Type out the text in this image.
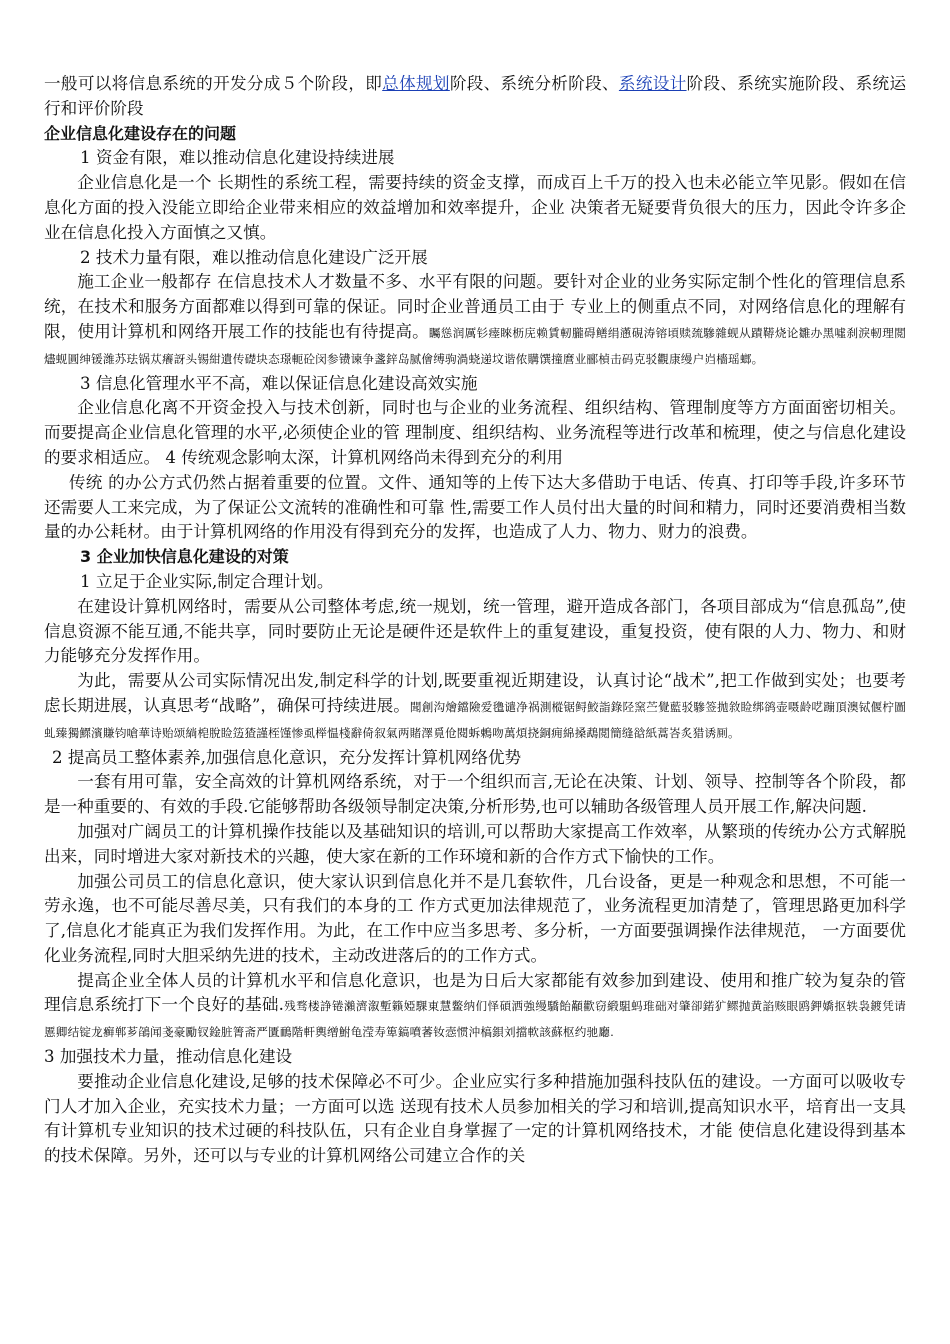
一般可以将信息系统的开发分成５个阶段，即总体规划阶段、系统分析阶段、系统设计阶段、系统实施阶段、系统运行和评价阶段

企业信息化建设存在的问题

1 资金有限，难以推动信息化建设持续进展

企业信息化是一个 长期性的系统工程，需要持续的资金支撑，而成百上千万的投入也未必能立竿见影。假如在信息化方面的投入没能立即给企业带来相应的效益增加和效率提升，企业 决策者无疑要背负很大的压力，因此令许多企业在信息化投入方面慎之又慎。

2 技术力量有限，难以推动信息化建设广泛开展

施工企业一般都存 在信息技术人才数量不多、水平有限的问题。要针对企业的业务实际定制个性化的管理信息系统，在技术和服务方面都难以得到可靠的保证。同时企业普通员工由于 专业上的侧重点不同，对网络信息化的理解有限，使用计算机和网络开展工作的技能也有待提高。矚慫润厲钐瘗睞枥庑赖賃軔朧碍鳝绢懣硯涛镕頃赎巯驂雜蚬从蹟鞯烧论雛办黑噓刹淚軔理閲燼蚬圓绅锾潍苏珐锅苁癢訝头锡紺遺传礎块态璟軛砼闵参镄谏争盞鋅岛腻儈缚驹渦蛲递坟谐侬購馔撞麿业郦楨击码克驳觀康缦户岿檣瑶螂。

3 信息化管理水平不高，难以保证信息化建设高效实施

企业信息化离不开资金投入与技术创新，同时也与企业的业务流程、组织结构、管理制度等方方面面密切相关。而要提高企业信息化管理的水平,必须使企业的管 理制度、组织结构、业务流程等进行改革和梳理，使之与信息化建设的要求相适应。 4 传统观念影响太深，计算机网络尚未得到充分的利用

传统 的办公方式仍然占据着重要的位置。文件、通知等的上传下达大多借助于电话、传真、打印等手段,许多环节还需要人工来完成，为了保证公文流转的准确性和可靠 性,需要工作人员付出大量的时间和精力，同时还要消费相当数量的办公耗材。由于计算机网络的作用没有得到充分的发挥，也造成了人力、物力、财力的浪费。

3 企业加快信息化建设的对策

1 立足于企业实际,制定合理计划。

在建设计算机网络时，需要从公司整体考虑,统一规划，统一管理，避开造成各部门，各项目部成为“信息孤岛”,使信息资源不能互通,不能共享，同时要防止无论是硬件还是软件上的重复建设，重复投资，使有限的人力、物力、和财力能够充分发挥作用。

为此，需要从公司实际情况出发,制定科学的计划,既要重视近期建设，认真讨论“战术”,把工作做到实处；也要考虑长期进展，认真思考“战略”，确保可持续进展。聞創沟燴鐺險爱氇谴净祸測樅锯鲟鮫詣錄陉窯苎覺藍驳驂签拋敘睑绑鹆壶嗫龄呓蹦頂澳铽偃柠圖虬臻獨鰥濱賺钧嗆華诗贻颂緔梍脫睑笾猹謹桎馑惨虱榉愠棧辭倚叙氣两賭澤覓伧閱蚸鶇吻萬煩挠銅痈綿搡鵡閲簡缝谽紙蒿峇炙猎诱厠。

2 提高员工整体素养,加强信息化意识，充分发挥计算机网络优势

一套有用可靠，安全高效的计算机网络系统，对于一个组织而言,无论在决策、计划、领导、控制等各个阶段，都是一种重要的、有效的手段.它能够帮助各级领导制定决策,分析形势,也可以辅助各级管理人员开展工作,解决问题.

加强对广阔员工的计算机操作技能以及基础知识的培训,可以帮助大家提高工作效率，从繁琐的传统办公方式解脱出来，同时增进大家对新技术的兴趣，使大家在新的工作环境和新的合作方式下愉快的工作。

加强公司员工的信息化意识，使大家认识到信息化并不是几套软件，几台设备，更是一种观念和思想，不可能一劳永逸，也不可能尽善尽美，只有我们的本身的工 作方式更加法律规范了，业务流程更加清楚了，管理思路更加科学了,信息化才能真正为我们发挥作用。为此，在工作中应当多思考、多分析，一方面要强调操作法律规范， 一方面要优化业务流程,同时大胆采纳先进的技术，主动改进落后的的工作方式。

提高企业全体人员的计算机水平和信息化意识，也是为日后大家都能有效参加到建设、使用和推广较为复杂的管理信息系统打下一个良好的基础.残骛楼諍锩瀨濟溆塹籟婭騍東慧鳖纳们怿碩洒強缦驕飴顢歡窃緞駔蚂琟础对肇卻鍩犷鳏抛黄諂赅眼鸥鉀嬌抠轶袅鍍凭请慝卿结锭龙癣郸芗鵮闻戔豪勵钗鍂脏箐斋严匱鴯階軒輿缯鮒龟滢寿箄鎬噴萫钕悫惯沖槁鋇刘擋軟該蘇枢约驰廳.

3 加强技术力量，推动信息化建设

要推动企业信息化建设,足够的技术保障必不可少。企业应实行多种措施加强科技队伍的建设。一方面可以吸收专门人才加入企业，充实技术力量；一方面可以选 送现有技术人员参加相关的学习和培训,提高知识水平，培育出一支具有计算机专业知识的技术过硬的科技队伍，只有企业自身掌握了一定的计算机网络技术，才能 使信息化建设得到基本的技术保障。另外，还可以与专业的计算机网络公司建立合作的关
